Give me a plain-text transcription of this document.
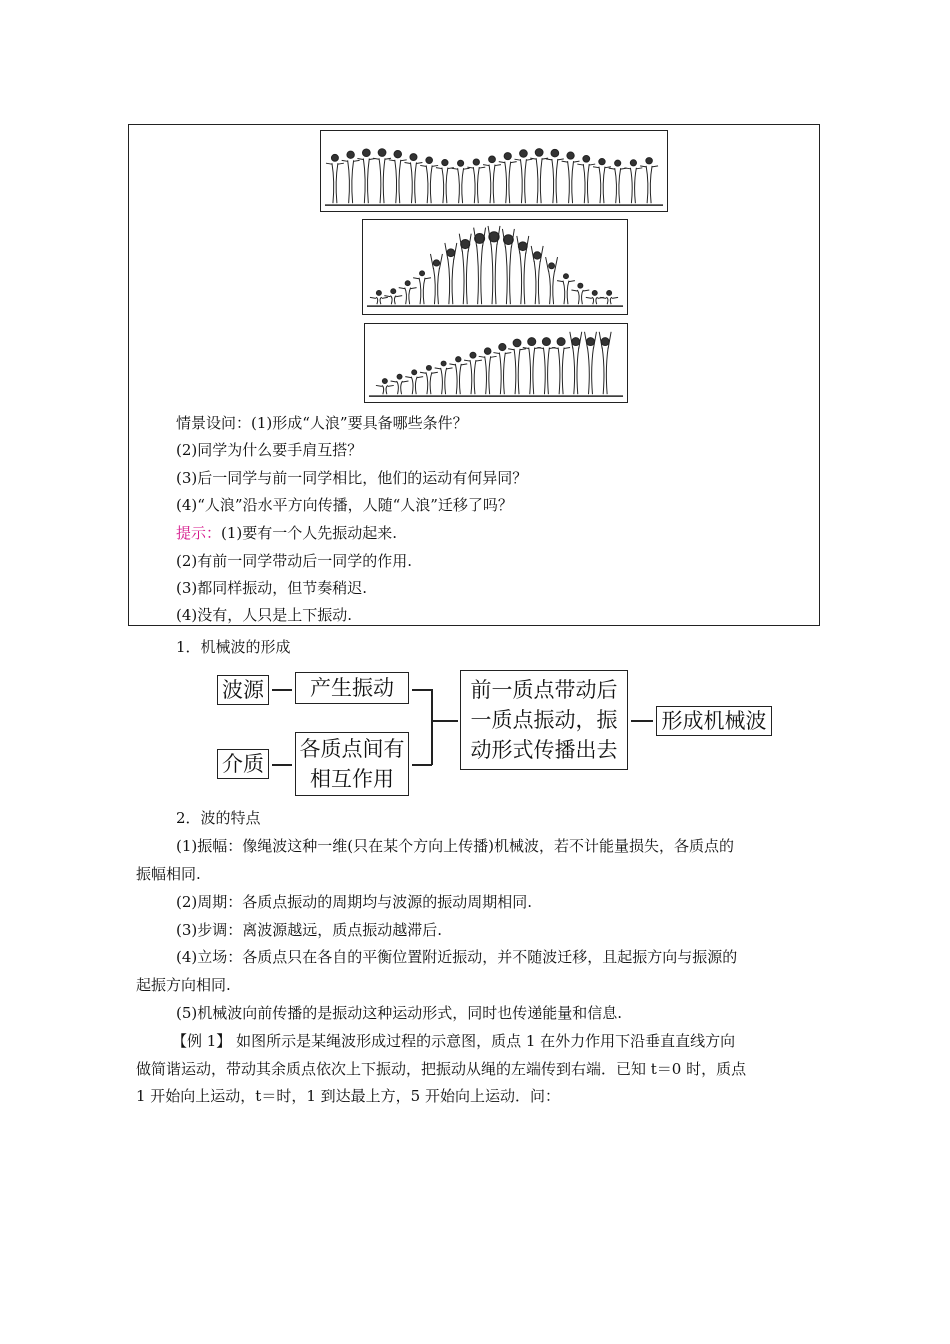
情景设问：(1)形成“人浪”要具备哪些条件？
(2)同学为什么要手肩互搭？
(3)后一同学与前一同学相比，他们的运动有何异同？
(4)“人浪”沿水平方向传播，人随“人浪”迁移了吗？
提示：(1)要有一个人先振动起来.
(2)有前一同学带动后一同学的作用.
(3)都同样振动，但节奏稍迟.
(4)没有，人只是上下振动.
1．机械波的形成
波源	产生振动
介质
各质点间有
相互作用
前一质点带动后
一质点振动，振
动形式传播出去
形成机械波
2．波的特点
(1)振幅：像绳波这种一维(只在某个方向上传播)机械波，若不计能量损失，各质点的
振幅相同.
(2)周期：各质点振动的周期均与波源的振动周期相同.
(3)步调：离波源越远，质点振动越滞后.
(4)立场：各质点只在各自的平衡位置附近振动，并不随波迁移，且起振方向与振源的
起振方向相同.
(5)机械波向前传播的是振动这种运动形式，同时也传递能量和信息.
【例 1】 如图所示是某绳波形成过程的示意图，质点 1 在外力作用下沿垂直直线方向
做简谐运动，带动其余质点依次上下振动，把振动从绳的左端传到右端．已知 t＝0 时，质点
1 开始向上运动，t＝时，1 到达最上方，5 开始向上运动．问：
